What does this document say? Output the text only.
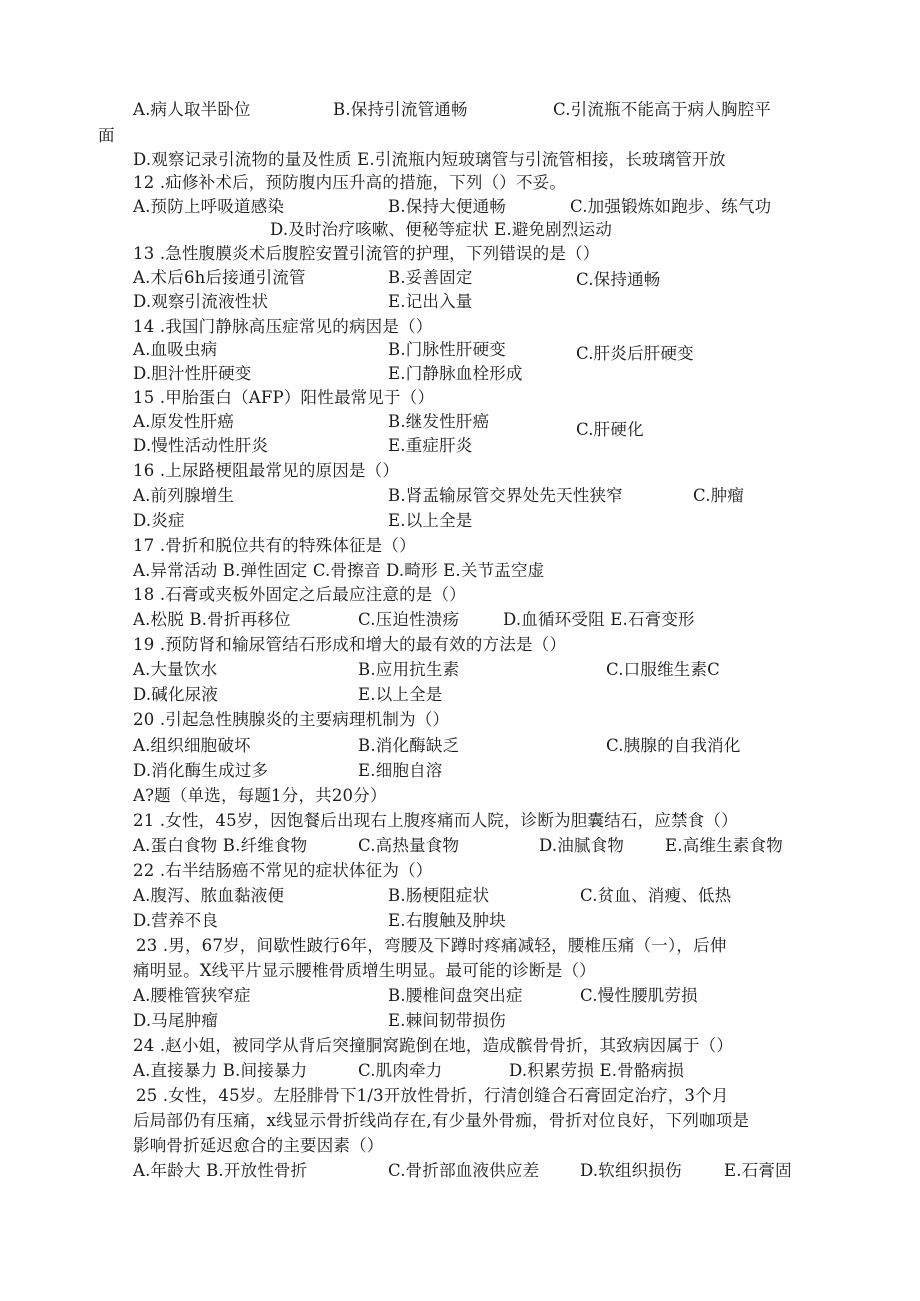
A.病人取半卧位	B.保持引流管通畅	C.引流瓶不能高于病人胸腔平
面
D.观察记录引流物的量及性质 E.引流瓶内短玻璃管与引流管相接，长玻璃管开放
12 .疝修补术后，预防腹内压升高的措施，下列（）不妥。
A.预防上呼吸道感染	B.保持大便通畅	C.加强锻炼如跑步、练气功
D.及时治疗咳嗽、便秘等症状 E.避免剧烈运动
13 .急性腹膜炎术后腹腔安置引流管的护理，下列错误的是（）
A.术后6h后接通引流管	B.妥善固定	C.保持通畅
D.观察引流液性状	E.记出入量
14 .我国门静脉高压症常见的病因是（）
A.血吸虫病	B.门脉性肝硬变	C.肝炎后肝硬变
D.胆汁性肝硬变	E.门静脉血栓形成
15 .甲胎蛋白（AFP）阳性最常见于（）
A.原发性肝癌	B.继发性肝癌	C.肝硬化
D.慢性活动性肝炎	E.重症肝炎
16 .上尿路梗阻最常见的原因是（）
A.前列腺增生	B.肾盂输尿管交界处先天性狭窄	C.肿瘤
D.炎症	E.以上全是
17 .骨折和脱位共有的特殊体征是（）
A.异常活动 B.弹性固定 C.骨擦音 D.畸形 E.关节盂空虚
18 .石膏或夹板外固定之后最应注意的是（）
A.松脱 B.骨折再移位	C.压迫性溃疡	D.血循环受阻 E.石膏变形
19 .预防肾和输尿管结石形成和增大的最有效的方法是（）
A.大量饮水	B.应用抗生素	C.口服维生素C
D.碱化尿液	E.以上全是
20 .引起急性胰腺炎的主要病理机制为（）
A.组织细胞破坏	B.消化酶缺乏	C.胰腺的自我消化
D.消化酶生成过多	E.细胞自溶
A?题（单选，每题1分，共20分）
21 .女性，45岁，因饱餐后出现右上腹疼痛而人院，诊断为胆囊结石，应禁食（）
A.蛋白食物 B.纤维食物	C.高热量食物	D.油腻食物 E.高维生素食物
22 .右半结肠癌不常见的症状体征为（）
A.腹泻、脓血黏液便	B.肠梗阻症状	C.贫血、消瘦、低热
D.营养不良	E.右腹触及肿块
23 .男，67岁，间歇性跛行6年，弯腰及下蹲时疼痛减轻，腰椎压痛（一），后伸
痛明显。X线平片显示腰椎骨质增生明显。最可能的诊断是（）
A.腰椎管狭窄症	B.腰椎间盘突出症	C.慢性腰肌劳损
D.马尾肿瘤	E.棘间韧带损伤
24 .赵小姐，被同学从背后突撞胴窝跪倒在地，造成髌骨骨折，其致病因属于（）
A.直接暴力 B.间接暴力	C.肌肉牵力	D.积累劳损 E.骨骼病损
25 .女性，45岁。左胫腓骨下1/3开放性骨折，行清创缝合石膏固定治疗，3个月
后局部仍有压痛，x线显示骨折线尚存在,有少量外骨痂，骨折对位良好，下列咖项是
影响骨折延迟愈合的主要因素（）
A.年龄大 B.开放性骨折	C.骨折部血液供应差 D.软组织损伤	E.石膏固
